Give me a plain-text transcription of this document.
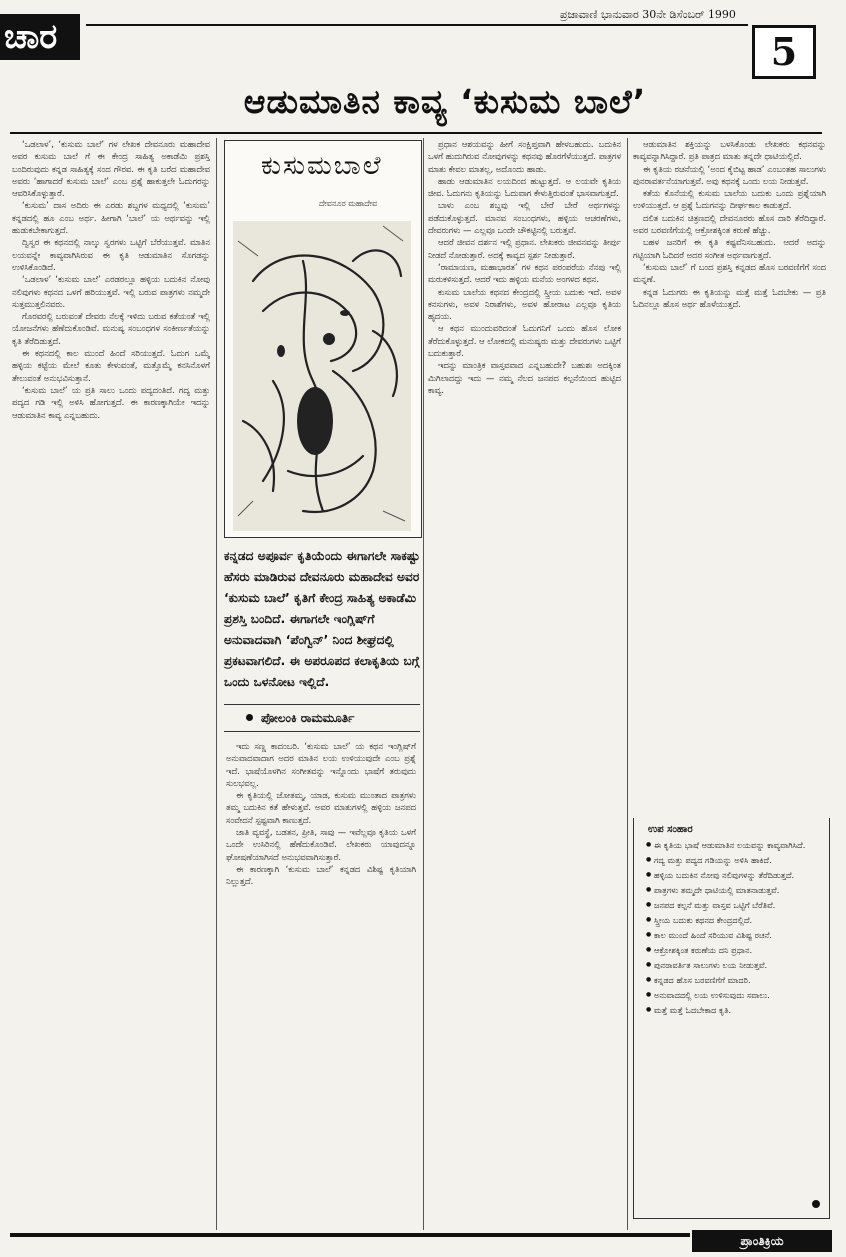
ಚಾರ
ಪ್ರಜಾವಾಣಿ ಭಾನುವಾರ 30ನೇ ಡಿಸೆಂಬರ್ 1990
5
ಆಡುಮಾತಿನ ಕಾವ್ಯ ‘ಕುಸುಮ ಬಾಲೆ’

‘ಒಡಲಾಳ’, ‘ಕುಸುಮ ಬಾಲೆ’ ಗಳ ಲೇಖಕ ದೇವನೂರು ಮಹಾದೇವ ಅವರ ಕುಸುಮ ಬಾಲೆ ಗೆ ಈ ಕೇಂದ್ರ ಸಾಹಿತ್ಯ ಅಕಾಡೆಮಿ ಪ್ರಶಸ್ತಿ ಬಂದಿರುವುದು ಕನ್ನಡ ಸಾಹಿತ್ಯಕ್ಕೆ ಸಂದ ಗೌರವ. ಈ ಕೃತಿ ಬರೆದ ಮಹಾದೇವ ಅವರು ‘ಹಾಗಾದರೆ ಕುಸುಮ ಬಾಲೆ’ ಎಂಬ ಪ್ರಶ್ನೆ ಹಾಕುತ್ತಲೇ ಓದುಗರನ್ನು ಆವರಿಸಿಕೊಳ್ಳುತ್ತಾರೆ.

‘ಕುಸುಮ’ ದಾಸ ಅದಿರು ಈ ಎರಡು ಶಬ್ದಗಳ ಮಧ್ಯದಲ್ಲಿ ‘ಕುಸುಮ’ ಕನ್ನಡದಲ್ಲಿ ಹೂ ಎಂಬ ಅರ್ಥ. ಹೀಗಾಗಿ ‘ಬಾಲೆ’ ಯ ಅರ್ಥವನ್ನು ಇಲ್ಲಿ ಹುಡುಕಬೇಕಾಗುತ್ತದೆ.

ದ್ವಿಸ್ವರ ಈ ಕಥನದಲ್ಲಿ ನಾಲ್ಕು ಸ್ವರಗಳು ಒಟ್ಟಿಗೆ ಬೆರೆಯುತ್ತವೆ. ಮಾತಿನ ಲಯವನ್ನೇ ಕಾವ್ಯವಾಗಿಸಿರುವ ಈ ಕೃತಿ ಆಡುಮಾತಿನ ಸೊಗಡನ್ನು ಉಳಿಸಿಕೊಂಡಿದೆ.

‘ಒಡಲಾಳ’ ‘ಕುಸುಮ ಬಾಲೆ’ ಎರಡರಲ್ಲೂ ಹಳ್ಳಿಯ ಬದುಕಿನ ನೋವು ನಲಿವುಗಳು ಕಥನದ ಒಳಗೆ ಹರಿಯುತ್ತವೆ. ಇಲ್ಲಿ ಬರುವ ಪಾತ್ರಗಳು ನಮ್ಮದೇ ಸುತ್ತಮುತ್ತಲಿನವರು.

ಗೊರವರಲ್ಲಿ ಬರುವಂತೆ ದೇವರು ನೆಲಕ್ಕೆ ಇಳಿದು ಬರುವ ಕತೆಯಂತೆ ಇಲ್ಲಿ ಯೋಜನೆಗಳು ಹೆಣೆದುಕೊಂಡಿವೆ. ಮನುಷ್ಯ ಸಂಬಂಧಗಳ ಸಂಕೀರ್ಣತೆಯನ್ನು ಕೃತಿ ತೆರೆದಿಡುತ್ತದೆ.

ಈ ಕಥನದಲ್ಲಿ ಕಾಲ ಮುಂದೆ ಹಿಂದೆ ಸರಿಯುತ್ತದೆ. ಓದುಗ ಒಮ್ಮೆ ಹಳ್ಳಿಯ ಕಟ್ಟೆಯ ಮೇಲೆ ಕೂತು ಕೇಳುವಂತೆ, ಮತ್ತೊಮ್ಮೆ ಕನಸಿನೊಳಗೆ ತೇಲುವಂತೆ ಅನುಭವಿಸುತ್ತಾನೆ.

‘ಕುಸುಮ ಬಾಲೆ’ ಯ ಪ್ರತಿ ಸಾಲು ಒಂದು ಪದ್ಯದಂತಿದೆ. ಗದ್ಯ ಮತ್ತು ಪದ್ಯದ ಗಡಿ ಇಲ್ಲಿ ಅಳಿಸಿ ಹೋಗುತ್ತದೆ. ಈ ಕಾರಣಕ್ಕಾಗಿಯೇ ಇದನ್ನು ಆಡುಮಾತಿನ ಕಾವ್ಯ ಎನ್ನಬಹುದು.

ಕುಸುಮಬಾಲೆ
ದೇವನೂರ ಮಹಾದೇವ
ಕನ್ನಡದ ಅಪೂರ್ವ ಕೃತಿಯೆಂದು ಈಗಾಗಲೇ ಸಾಕಷ್ಟು ಹೆಸರು ಮಾಡಿರುವ ದೇವನೂರು ಮಹಾದೇವ ಅವರ ‘ಕುಸುಮ ಬಾಲೆ’ ಕೃತಿಗೆ ಕೇಂದ್ರ ಸಾಹಿತ್ಯ ಅಕಾಡೆಮಿ ಪ್ರಶಸ್ತಿ ಬಂದಿದೆ. ಈಗಾಗಲೇ ಇಂಗ್ಲಿಷ್‌ಗೆ ಅನುವಾದವಾಗಿ ‘ಪೆಂಗ್ವಿನ್’ ನಿಂದ ಶೀಘ್ರದಲ್ಲಿ ಪ್ರಕಟವಾಗಲಿದೆ. ಈ ಅಪರೂಪದ ಕಲಾಕೃತಿಯ ಬಗ್ಗೆ ಒಂದು ಒಳನೋಟ ಇಲ್ಲಿದೆ.
ಪೋಲಂಕಿ ರಾಮಮೂರ್ತಿ

ಇದು ಸಣ್ಣ ಕಾದಂಬರಿ. ‘ಕುಸುಮ ಬಾಲೆ’ ಯ ಕಥನ ಇಂಗ್ಲಿಷ್‌ಗೆ ಅನುವಾದವಾದಾಗ ಅದರ ಮಾತಿನ ಲಯ ಉಳಿಯುವುದೇ ಎಂಬ ಪ್ರಶ್ನೆ ಇದೆ. ಭಾಷೆಯೊಳಗಿನ ಸಂಗೀತವನ್ನು ಇನ್ನೊಂದು ಭಾಷೆಗೆ ತರುವುದು ಸುಲಭವಲ್ಲ.

ಈ ಕೃತಿಯಲ್ಲಿ ಜೋತಮ್ಮ, ಯಾಡ, ಕುಸುಮ ಮುಂತಾದ ಪಾತ್ರಗಳು ತಮ್ಮ ಬದುಕಿನ ಕತೆ ಹೇಳುತ್ತವೆ. ಅವರ ಮಾತುಗಳಲ್ಲಿ ಹಳ್ಳಿಯ ಜನಪದ ಸಂವೇದನೆ ಸ್ಪಷ್ಟವಾಗಿ ಕಾಣುತ್ತದೆ.

ಜಾತಿ ವ್ಯವಸ್ಥೆ, ಬಡತನ, ಪ್ರೀತಿ, ಸಾವು — ಇವೆಲ್ಲವೂ ಕೃತಿಯ ಒಳಗೆ ಒಂದೇ ಉಸಿರಿನಲ್ಲಿ ಹೆಣೆದುಕೊಂಡಿವೆ. ಲೇಖಕರು ಯಾವುದನ್ನೂ ಘೋಷಣೆಯಾಗಿಸದೆ ಅನುಭವವಾಗಿಸುತ್ತಾರೆ.

ಈ ಕಾರಣಕ್ಕಾಗಿ ‘ಕುಸುಮ ಬಾಲೆ’ ಕನ್ನಡದ ವಿಶಿಷ್ಟ ಕೃತಿಯಾಗಿ ನಿಲ್ಲುತ್ತದೆ.

ಪ್ರಧಾನ ಆಶಯವನ್ನು ಹೀಗೆ ಸಂಕ್ಷಿಪ್ತವಾಗಿ ಹೇಳಬಹುದು. ಬದುಕಿನ ಒಳಗೆ ಹುದುಗಿರುವ ನೋವುಗಳನ್ನು ಕಥನವು ಹೊರಗೆಳೆಯುತ್ತದೆ. ಪಾತ್ರಗಳ ಮಾತು ಕೇವಲ ಮಾತಲ್ಲ, ಅದೊಂದು ಹಾಡು.

ಹಾಡು ಆಡುಮಾತಿನ ಲಯದಿಂದ ಹುಟ್ಟುತ್ತದೆ. ಆ ಲಯವೇ ಕೃತಿಯ ಜೀವ. ಓದುಗನು ಕೃತಿಯನ್ನು ಓದುವಾಗ ಕೇಳುತ್ತಿರುವಂತೆ ಭಾಸವಾಗುತ್ತದೆ.

ಬಾಳು ಎಂಬ ಶಬ್ದವು ಇಲ್ಲಿ ಬೇರೆ ಬೇರೆ ಅರ್ಥಗಳನ್ನು ಪಡೆದುಕೊಳ್ಳುತ್ತದೆ. ಮಾನವ ಸಂಬಂಧಗಳು, ಹಳ್ಳಿಯ ಆಚರಣೆಗಳು, ದೇವರುಗಳು — ಎಲ್ಲವೂ ಒಂದೇ ಚೌಕಟ್ಟಿನಲ್ಲಿ ಬರುತ್ತವೆ.

ಆದರೆ ಜೀವನ ದರ್ಶನ ಇಲ್ಲಿ ಪ್ರಧಾನ. ಲೇಖಕರು ಜೀವನವನ್ನು ತೀರ್ಪು ನೀಡದೆ ನೋಡುತ್ತಾರೆ. ಅದಕ್ಕೆ ಕಾವ್ಯದ ಸ್ಪರ್ಶ ನೀಡುತ್ತಾರೆ.

‘ರಾಮಾಯಣ, ಮಹಾಭಾರತ’ ಗಳ ಕಥನ ಪರಂಪರೆಯ ನೆನಪು ಇಲ್ಲಿ ಮರುಕಳಿಸುತ್ತದೆ. ಆದರೆ ಇದು ಹಳ್ಳಿಯ ಮನೆಯ ಅಂಗಳದ ಕಥನ.

ಕುಸುಮ ಬಾಲೆಯ ಕಥನದ ಕೇಂದ್ರದಲ್ಲಿ ಸ್ತ್ರೀಯ ಬದುಕು ಇದೆ. ಅವಳ ಕನಸುಗಳು, ಅವಳ ನಿರಾಶೆಗಳು, ಅವಳ ಹೋರಾಟ ಎಲ್ಲವೂ ಕೃತಿಯ ಹೃದಯ.

ಆ ಕಥನ ಮುಂದುವರಿದಂತೆ ಓದುಗನಿಗೆ ಒಂದು ಹೊಸ ಲೋಕ ತೆರೆದುಕೊಳ್ಳುತ್ತದೆ. ಆ ಲೋಕದಲ್ಲಿ ಮನುಷ್ಯರು ಮತ್ತು ದೇವರುಗಳು ಒಟ್ಟಿಗೆ ಬದುಕುತ್ತಾರೆ.

ಇದನ್ನು ಮಾಂತ್ರಿಕ ವಾಸ್ತವವಾದ ಎನ್ನಬಹುದೇ? ಬಹುಶಃ ಅದಕ್ಕಿಂತ ಮಿಗಿಲಾದದ್ದು ಇದು — ನಮ್ಮ ನೆಲದ ಜನಪದ ಕಲ್ಪನೆಯಿಂದ ಹುಟ್ಟಿದ ಕಾವ್ಯ.

ಆಡುಮಾತಿನ ಶಕ್ತಿಯನ್ನು ಬಳಸಿಕೊಂಡು ಲೇಖಕರು ಕಥನವನ್ನು ಕಾವ್ಯವನ್ನಾಗಿಸಿದ್ದಾರೆ. ಪ್ರತಿ ಪಾತ್ರದ ಮಾತು ತನ್ನದೇ ಧಾಟಿಯಲ್ಲಿದೆ.

ಈ ಕೃತಿಯ ರಚನೆಯಲ್ಲಿ ‘ಅಂದ ಕೈಬಿಟ್ಟ ಹಾಡ’ ಎಂಬಂತಹ ಸಾಲುಗಳು ಪುನರಾವರ್ತನೆಯಾಗುತ್ತವೆ. ಅವು ಕಥನಕ್ಕೆ ಒಂದು ಲಯ ನೀಡುತ್ತವೆ.

ಕತೆಯ ಕೊನೆಯಲ್ಲಿ ಕುಸುಮ ಬಾಲೆಯ ಬದುಕು ಒಂದು ಪ್ರಶ್ನೆಯಾಗಿ ಉಳಿಯುತ್ತದೆ. ಆ ಪ್ರಶ್ನೆ ಓದುಗನನ್ನು ದೀರ್ಘಕಾಲ ಕಾಡುತ್ತದೆ.

ದಲಿತ ಬದುಕಿನ ಚಿತ್ರಣದಲ್ಲಿ ದೇವನೂರರು ಹೊಸ ದಾರಿ ತೆರೆದಿದ್ದಾರೆ. ಅವರ ಬರವಣಿಗೆಯಲ್ಲಿ ಆಕ್ರೋಶಕ್ಕಿಂತ ಕರುಣೆ ಹೆಚ್ಚು.

ಬಹಳ ಜನರಿಗೆ ಈ ಕೃತಿ ಕಷ್ಟವೆನಿಸಬಹುದು. ಆದರೆ ಅದನ್ನು ಗಟ್ಟಿಯಾಗಿ ಓದಿದರೆ ಅದರ ಸಂಗೀತ ಅರ್ಥವಾಗುತ್ತದೆ.

‘ಕುಸುಮ ಬಾಲೆ’ ಗೆ ಬಂದ ಪ್ರಶಸ್ತಿ ಕನ್ನಡದ ಹೊಸ ಬರವಣಿಗೆಗೆ ಸಂದ ಮನ್ನಣೆ.

ಕನ್ನಡ ಓದುಗರು ಈ ಕೃತಿಯನ್ನು ಮತ್ತೆ ಮತ್ತೆ ಓದಬೇಕು — ಪ್ರತಿ ಓದಿನಲ್ಲೂ ಹೊಸ ಅರ್ಥ ಹೊಳೆಯುತ್ತದೆ.

ಉಪ ಸಂಹಾರ
● ಈ ಕೃತಿಯ ಭಾಷೆ ಆಡುಮಾತಿನ ಲಯವನ್ನು ಕಾವ್ಯವಾಗಿಸಿದೆ.
● ಗದ್ಯ ಮತ್ತು ಪದ್ಯದ ಗಡಿಯನ್ನು ಅಳಿಸಿ ಹಾಕಿದೆ.
● ಹಳ್ಳಿಯ ಬದುಕಿನ ನೋವು ನಲಿವುಗಳನ್ನು ತೆರೆದಿಡುತ್ತದೆ.
● ಪಾತ್ರಗಳು ತಮ್ಮದೇ ಧಾಟಿಯಲ್ಲಿ ಮಾತನಾಡುತ್ತವೆ.
● ಜನಪದ ಕಲ್ಪನೆ ಮತ್ತು ವಾಸ್ತವ ಒಟ್ಟಿಗೆ ಬೆರೆತಿವೆ.
● ಸ್ತ್ರೀಯ ಬದುಕು ಕಥನದ ಕೇಂದ್ರದಲ್ಲಿದೆ.
● ಕಾಲ ಮುಂದೆ ಹಿಂದೆ ಸರಿಯುವ ವಿಶಿಷ್ಟ ರಚನೆ.
● ಆಕ್ರೋಶಕ್ಕಿಂತ ಕರುಣೆಯ ದನಿ ಪ್ರಧಾನ.
● ಪುನರಾವರ್ತಿತ ಸಾಲುಗಳು ಲಯ ನೀಡುತ್ತವೆ.
● ಕನ್ನಡದ ಹೊಸ ಬರವಣಿಗೆಗೆ ಮಾದರಿ.
● ಅನುವಾದದಲ್ಲಿ ಲಯ ಉಳಿಸುವುದು ಸವಾಲು.
● ಮತ್ತೆ ಮತ್ತೆ ಓದಬೇಕಾದ ಕೃತಿ.
ಪ್ರಾಂತಿಕ್ರಿಯ
